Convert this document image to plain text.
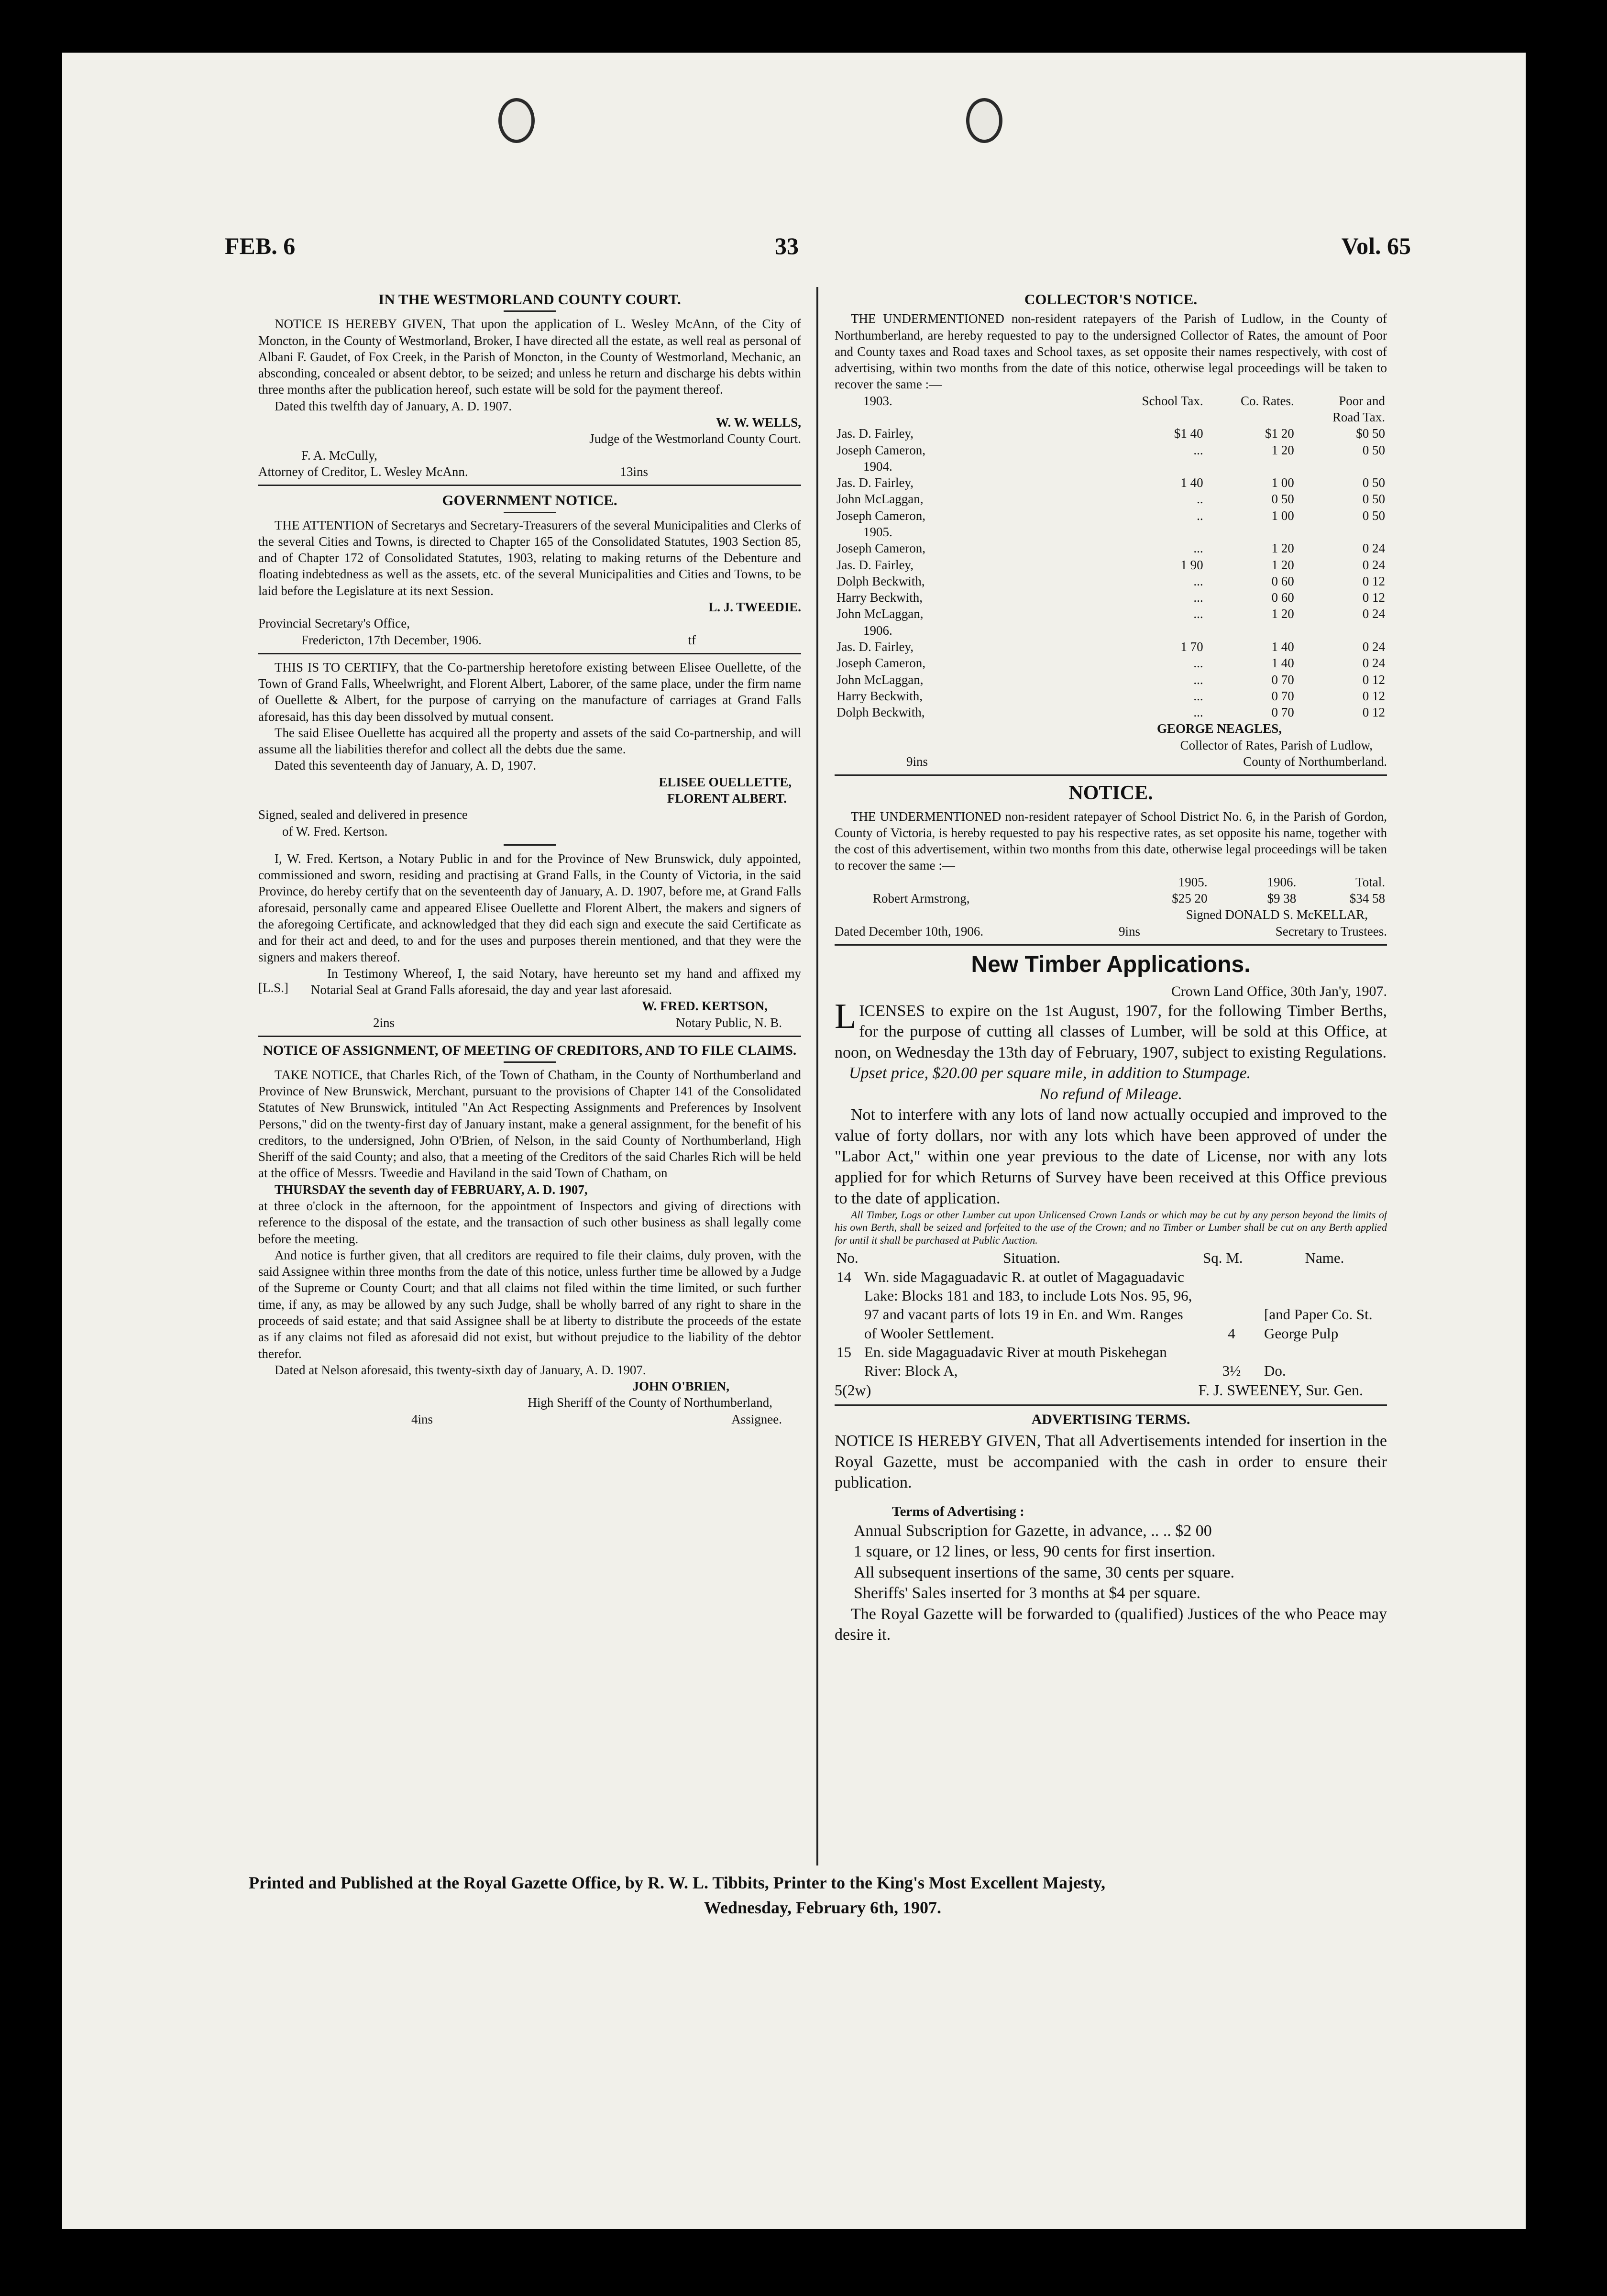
FEB. 6	33	Vol. 65
IN THE WESTMORLAND COUNTY COURT.

NOTICE IS HEREBY GIVEN, That upon the application of L. Wesley McAnn, of the City of Moncton, in the County of Westmorland, Broker, I have directed all the estate, as well real as personal of Albani F. Gaudet, of Fox Creek, in the Parish of Moncton, in the County of Westmorland, Mechanic, an absconding, concealed or absent debtor, to be seized; and unless he return and discharge his debts within three months after the publication hereof, such estate will be sold for the payment thereof.

Dated this twelfth day of January, A. D. 1907.

W. W. WELLS,

Judge of the Westmorland County Court.

F. A. McCully,

Attorney of Creditor, L. Wesley McAnn.	13ins
GOVERNMENT NOTICE.

THE ATTENTION of Secretarys and Secretary-Treasurers of the several Municipalities and Clerks of the several Cities and Towns, is directed to Chapter 165 of the Consolidated Statutes, 1903 Section 85, and of Chapter 172 of Consolidated Statutes, 1903, relating to making returns of the Debenture and floating indebtedness as well as the assets, etc. of the several Municipalities and Cities and Towns, to be laid before the Legislature at its next Session.

L. J. TWEEDIE.

Provincial Secretary's Office,

Fredericton, 17th December, 1906.	tf

THIS IS TO CERTIFY, that the Co-partnership heretofore existing between Elisee Ouellette, of the Town of Grand Falls, Wheelwright, and Florent Albert, Laborer, of the same place, under the firm name of Ouellette & Albert, for the purpose of carrying on the manufacture of carriages at Grand Falls aforesaid, has this day been dissolved by mutual consent.

The said Elisee Ouellette has acquired all the property and assets of the said Co-partnership, and will assume all the liabilities therefor and collect all the debts due the same.

Dated this seventeenth day of January, A. D, 1907.

ELISEE OUELLETTE,

FLORENT ALBERT.

Signed, sealed and delivered in presence

of W. Fred. Kertson.

I, W. Fred. Kertson, a Notary Public in and for the Province of New Brunswick, duly appointed, commissioned and sworn, residing and practising at Grand Falls, in the County of Victoria, in the said Province, do hereby certify that on the seventeenth day of January, A. D. 1907, before me, at Grand Falls aforesaid, personally came and appeared Elisee Ouellette and Florent Albert, the makers and signers of the aforegoing Certificate, and acknowledged that they did each sign and execute the said Certificate as and for their act and deed, to and for the uses and purposes therein mentioned, and that they were the signers and makers thereof.

[L.S.]

In Testimony Whereof, I, the said Notary, have hereunto set my hand and affixed my Notarial Seal at Grand Falls aforesaid, the day and year last aforesaid.

W. FRED. KERTSON,

2ins	Notary Public, N. B.
NOTICE OF ASSIGNMENT, OF MEETING OF CREDITORS, AND TO FILE CLAIMS.

TAKE NOTICE, that Charles Rich, of the Town of Chatham, in the County of Northumberland and Province of New Brunswick, Merchant, pursuant to the provisions of Chapter 141 of the Consolidated Statutes of New Brunswick, intituled "An Act Respecting Assignments and Preferences by Insolvent Persons," did on the twenty-first day of January instant, make a general assignment, for the benefit of his creditors, to the undersigned, John O'Brien, of Nelson, in the said County of Northumberland, High Sheriff of the said County; and also, that a meeting of the Creditors of the said Charles Rich will be held at the office of Messrs. Tweedie and Haviland in the said Town of Chatham, on

THURSDAY the seventh day of FEBRUARY, A. D. 1907,

at three o'clock in the afternoon, for the appointment of Inspectors and giving of directions with reference to the disposal of the estate, and the transaction of such other business as shall legally come before the meeting.

And notice is further given, that all creditors are required to file their claims, duly proven, with the said Assignee within three months from the date of this notice, unless further time be allowed by a Judge of the Supreme or County Court; and that all claims not filed within the time limited, or such further time, if any, as may be allowed by any such Judge, shall be wholly barred of any right to share in the proceeds of said estate; and that said Assignee shall be at liberty to distribute the proceeds of the estate as if any claims not filed as aforesaid did not exist, but without prejudice to the liability of the debtor therefor.

Dated at Nelson aforesaid, this twenty-sixth day of January, A. D. 1907.

JOHN O'BRIEN,

High Sheriff of the County of Northumberland,

4ins	Assignee.
COLLECTOR'S NOTICE.

THE UNDERMENTIONED non-resident ratepayers of the Parish of Ludlow, in the County of Northumberland, are hereby requested to pay to the undersigned Collector of Rates, the amount of Poor and County taxes and Road taxes and School taxes, as set opposite their names respectively, with cost of advertising, within two months from the date of this notice, otherwise legal proceedings will be taken to recover the same :—

1903.	School Tax.	Co. Rates.	Poor and
Road Tax.
Jas. D. Fairley,	$1 40	$1 20	$0 50
Joseph Cameron,	...	1 20	0 50
1904.			
Jas. D. Fairley,	1 40	1 00	0 50
John McLaggan,	..	0 50	0 50
Joseph Cameron,	..	1 00	0 50
1905.			
Joseph Cameron,	...	1 20	0 24
Jas. D. Fairley,	1 90	1 20	0 24
Dolph Beckwith,	...	0 60	0 12
Harry Beckwith,	...	0 60	0 12
John McLaggan,	...	1 20	0 24
1906.			
Jas. D. Fairley,	1 70	1 40	0 24
Joseph Cameron,	...	1 40	0 24
John McLaggan,	...	0 70	0 12
Harry Beckwith,	...	0 70	0 12
Dolph Beckwith,	...	0 70	0 12

GEORGE NEAGLES,

Collector of Rates, Parish of Ludlow,

9ins	County of Northumberland.
NOTICE.

THE UNDERMENTIONED non-resident ratepayer of School District No. 6, in the Parish of Gordon, County of Victoria, is hereby requested to pay his respective rates, as set opposite his name, together with the cost of this advertisement, within two months from this date, otherwise legal proceedings will be taken to recover the same :—

	1905.	1906.	Total.
Robert Armstrong,	$25 20	$9 38	$34 58

Signed DONALD S. McKELLAR,

Dated December 10th, 1906.	9ins	Secretary to Trustees.
New Timber Applications.

Crown Land Office, 30th Jan'y, 1907.

LICENSES to expire on the 1st August, 1907, for the following Timber Berths, for the purpose of cutting all classes of Lumber, will be sold at this Office, at noon, on Wednesday the 13th day of February, 1907, subject to existing Regulations.

Upset price, $20.00 per square mile, in addition to Stumpage.

No refund of Mileage.

Not to interfere with any lots of land now actually occupied and improved to the value of forty dollars, nor with any lots which have been approved of under the "Labor Act," within one year previous to the date of License, nor with any lots applied for for which Returns of Survey have been received at this Office previous to the date of application.

All Timber, Logs or other Lumber cut upon Unlicensed Crown Lands or which may be cut by any person beyond the limits of his own Berth, shall be seized and forfeited to the use of the Crown; and no Timber or Lumber shall be cut on any Berth applied for until it shall be purchased at Public Auction.

No.	Situation.	Sq. M.	Name.
14	Wn. side Magaguadavic R. at outlet of Magaguadavic Lake: Blocks 181 and 183, to include Lots Nos. 95, 96, 97 and vacant parts of lots 19 in En. and Wm. Ranges of Wooler Settlement.	4	[and Paper Co. St. George Pulp
15	En. side Magaguadavic River at mouth Piskehegan River: Block A,	3½	Do.
5(2w)	F. J. SWEENEY, Sur. Gen.
ADVERTISING TERMS.

NOTICE IS HEREBY GIVEN, That all Advertisements intended for insertion in the Royal Gazette, must be accompanied with the cash in order to ensure their publication.

Terms of Advertising :

Annual Subscription for Gazette, in advance, .. .. $2 00

1 square, or 12 lines, or less, 90 cents for first insertion.

All subsequent insertions of the same, 30 cents per square.

Sheriffs' Sales inserted for 3 months at $4 per square.

The Royal Gazette will be forwarded to (qualified) Justices of the who Peace may desire it.

Printed and Published at the Royal Gazette Office, by R. W. L. Tibbits, Printer to the King's Most Excellent Majesty,
Wednesday, February 6th, 1907.
